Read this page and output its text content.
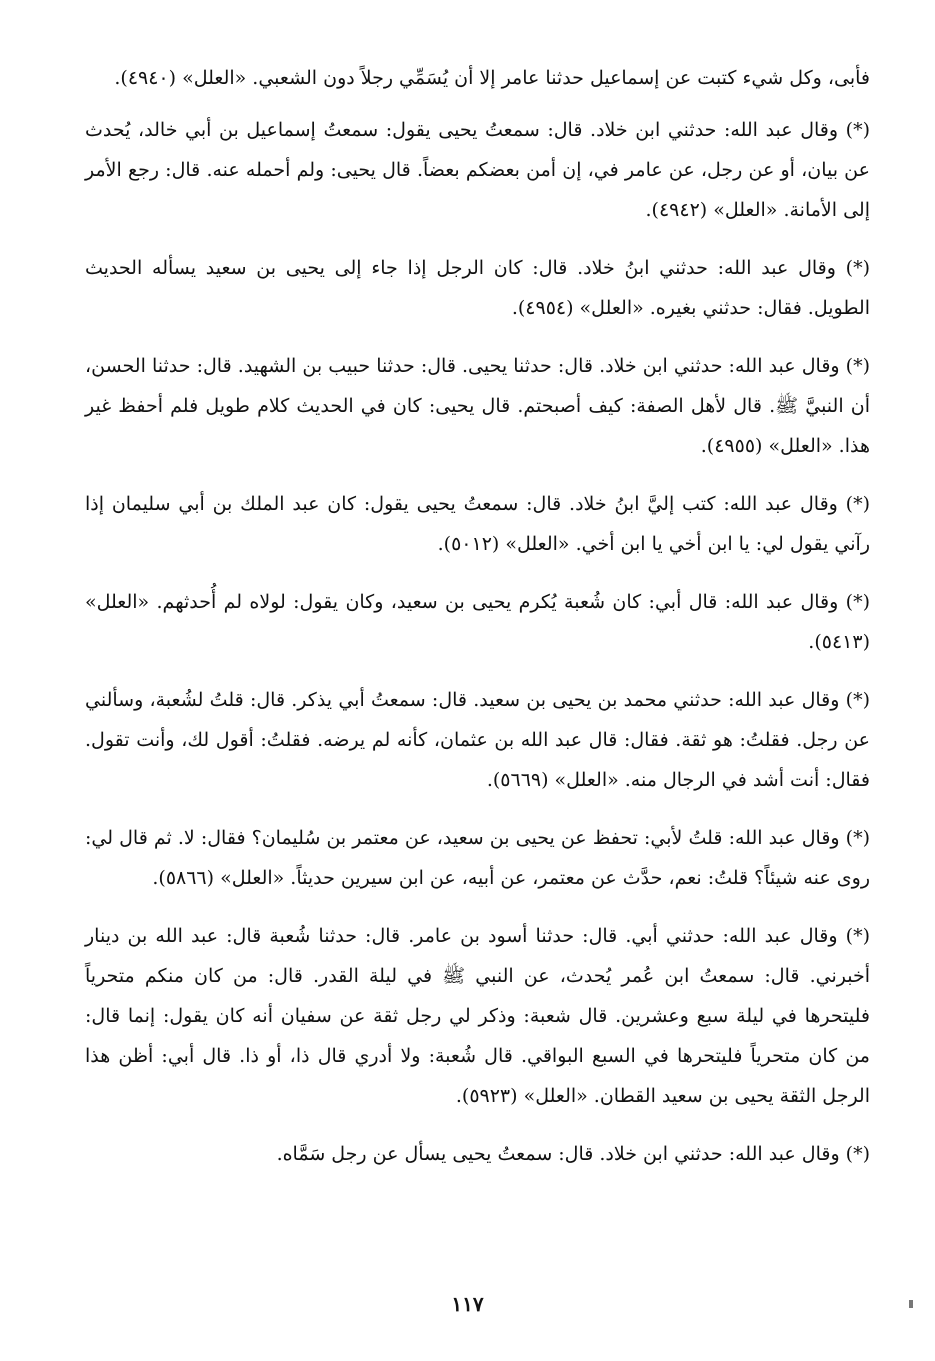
فأبى، وكل شيء كتبت عن إسماعيل حدثنا عامر إلا أن يُسَمِّي رجلاً دون الشعبي. «العلل» (٤٩٤٠).

(*) وقال عبد الله: حدثني ابن خلاد. قال: سمعتُ يحيى يقول: سمعتُ إسماعيل بن أبي خالد، يُحدث عن بيان، أو عن رجل، عن عامر في، إن أمن بعضكم بعضاً. قال يحيى: ولم أحمله عنه. قال: رجع الأمر إلى الأمانة. «العلل» (٤٩٤٢).

(*) وقال عبد الله: حدثني ابنُ خلاد. قال: كان الرجل إذا جاء إلى يحيى بن سعيد يسأله الحديث الطويل. فقال: حدثني بغيره. «العلل» (٤٩٥٤).

(*) وقال عبد الله: حدثني ابن خلاد. قال: حدثنا يحيى. قال: حدثنا حبيب بن الشهيد. قال: حدثنا الحسن، أن النبيَّ ﷺ. قال لأهل الصفة: كيف أصبحتم. قال يحيى: كان في الحديث كلام طويل فلم أحفظ غير هذا. «العلل» (٤٩٥٥).

(*) وقال عبد الله: كتب إليَّ ابنُ خلاد. قال: سمعتُ يحيى يقول: كان عبد الملك بن أبي سليمان إذا رآني يقول لي: يا ابن أخي يا ابن أخي. «العلل» (٥٠١٢).

(*) وقال عبد الله: قال أبي: كان شُعبة يُكرم يحيى بن سعيد، وكان يقول: لولاه لم أُحدثهم. «العلل» (٥٤١٣).

(*) وقال عبد الله: حدثني محمد بن يحيى بن سعيد. قال: سمعتُ أبي يذكر. قال: قلتُ لشُعبة، وسألني عن رجل. فقلتُ: هو ثقة. فقال: قال عبد الله بن عثمان، كأنه لم يرضه. فقلتُ: أقول لك، وأنت تقول. فقال: أنت أشد في الرجال منه. «العلل» (٥٦٦٩).

(*) وقال عبد الله: قلتُ لأبي: تحفظ عن يحيى بن سعيد، عن معتمر بن سُليمان؟ فقال: لا. ثم قال لي: روى عنه شيئاً؟ قلتُ: نعم، حدَّث عن معتمر، عن أبيه، عن ابن سيرين حديثاً. «العلل» (٥٨٦٦).

(*) وقال عبد الله: حدثني أبي. قال: حدثنا أسود بن عامر. قال: حدثنا شُعبة قال: عبد الله بن دينار أخبرني. قال: سمعتُ ابن عُمر يُحدث، عن النبي ﷺ في ليلة القدر. قال: من كان منكم متحرياً فليتحرها في ليلة سبع وعشرين. قال شعبة: وذكر لي رجل ثقة عن سفيان أنه كان يقول: إنما قال: من كان متحرياً فليتحرها في السبع البواقي. قال شُعبة: ولا أدري قال ذا، أو ذا. قال أبي: أظن هذا الرجل الثقة يحيى بن سعيد القطان. «العلل» (٥٩٢٣).

(*) وقال عبد الله: حدثني ابن خلاد. قال: سمعتُ يحيى يسأل عن رجل سَمَّاه.

١١٧
